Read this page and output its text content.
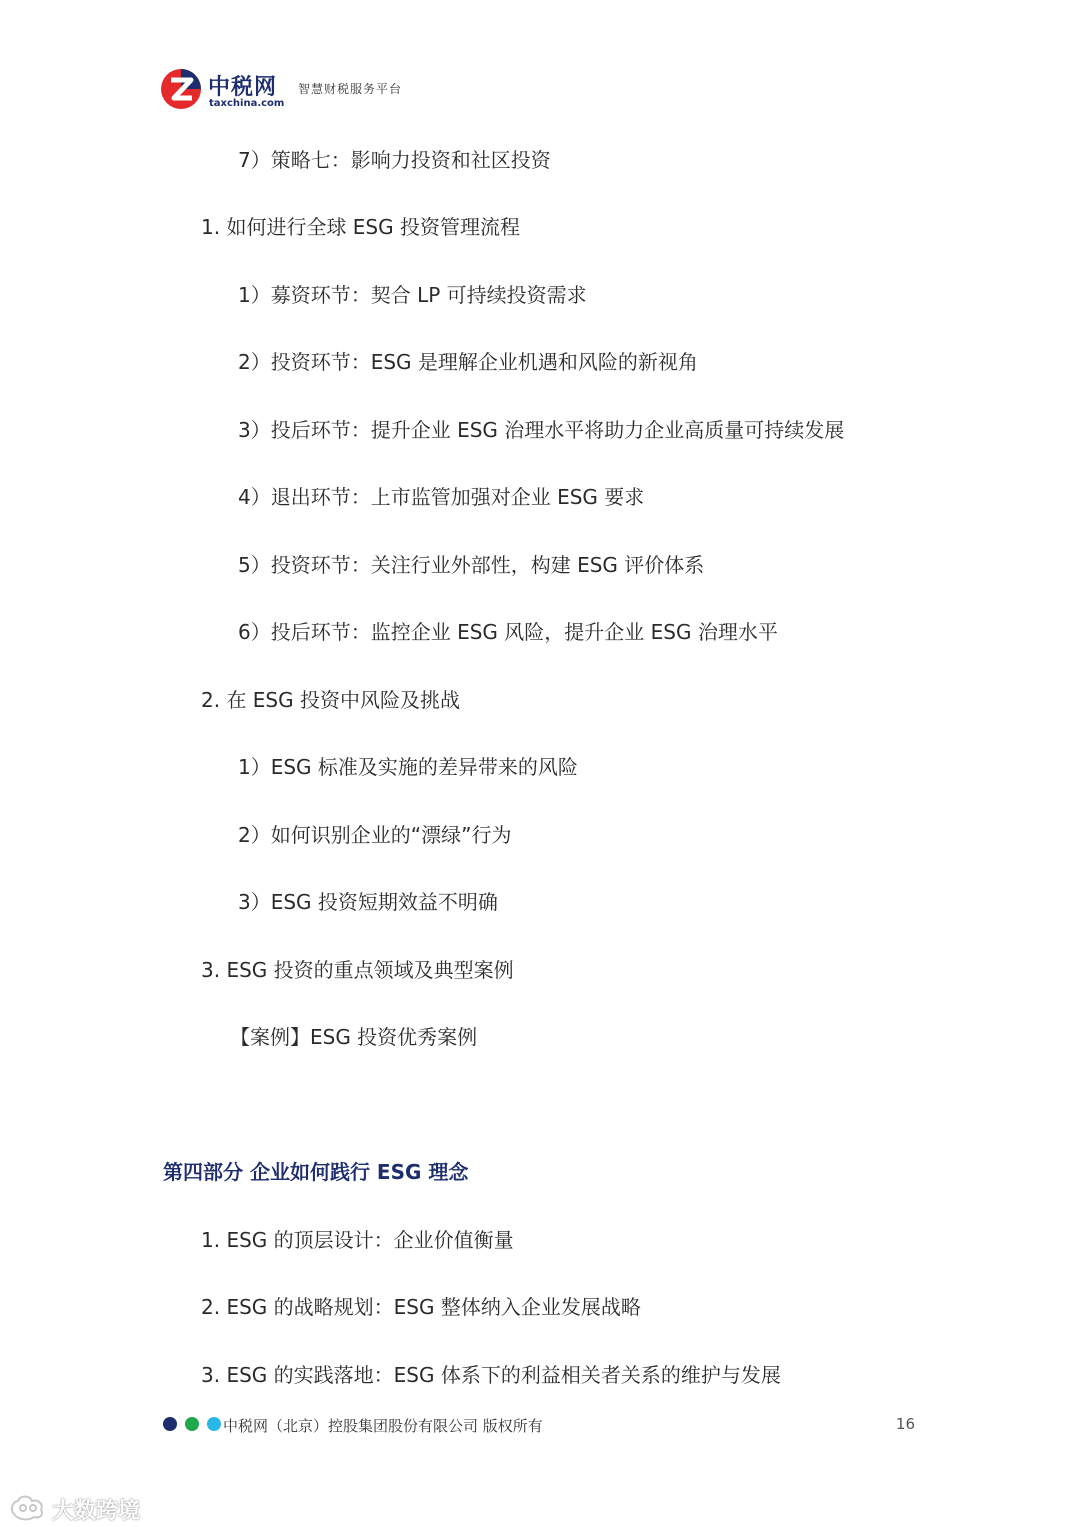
中税网
taxchina.com
智慧财税服务平台
7）策略七：影响力投资和社区投资
1. 如何进行全球 ESG 投资管理流程
1）募资环节：契合 LP 可持续投资需求
2）投资环节：ESG 是理解企业机遇和风险的新视角
3）投后环节：提升企业 ESG 治理水平将助力企业高质量可持续发展
4）退出环节：上市监管加强对企业 ESG 要求
5）投资环节：关注行业外部性，构建 ESG 评价体系
6）投后环节：监控企业 ESG 风险，提升企业 ESG 治理水平
2. 在 ESG 投资中风险及挑战
1）ESG 标准及实施的差异带来的风险
2）如何识别企业的“漂绿”行为
3）ESG 投资短期效益不明确
3. ESG 投资的重点领域及典型案例
【案例】ESG 投资优秀案例
第四部分 企业如何践行 ESG 理念
1. ESG 的顶层设计：企业价值衡量
2. ESG 的战略规划：ESG 整体纳入企业发展战略
3. ESG 的实践落地：ESG 体系下的利益相关者关系的维护与发展
中税网（北京）控股集团股份有限公司 版权所有	16
大数跨境
